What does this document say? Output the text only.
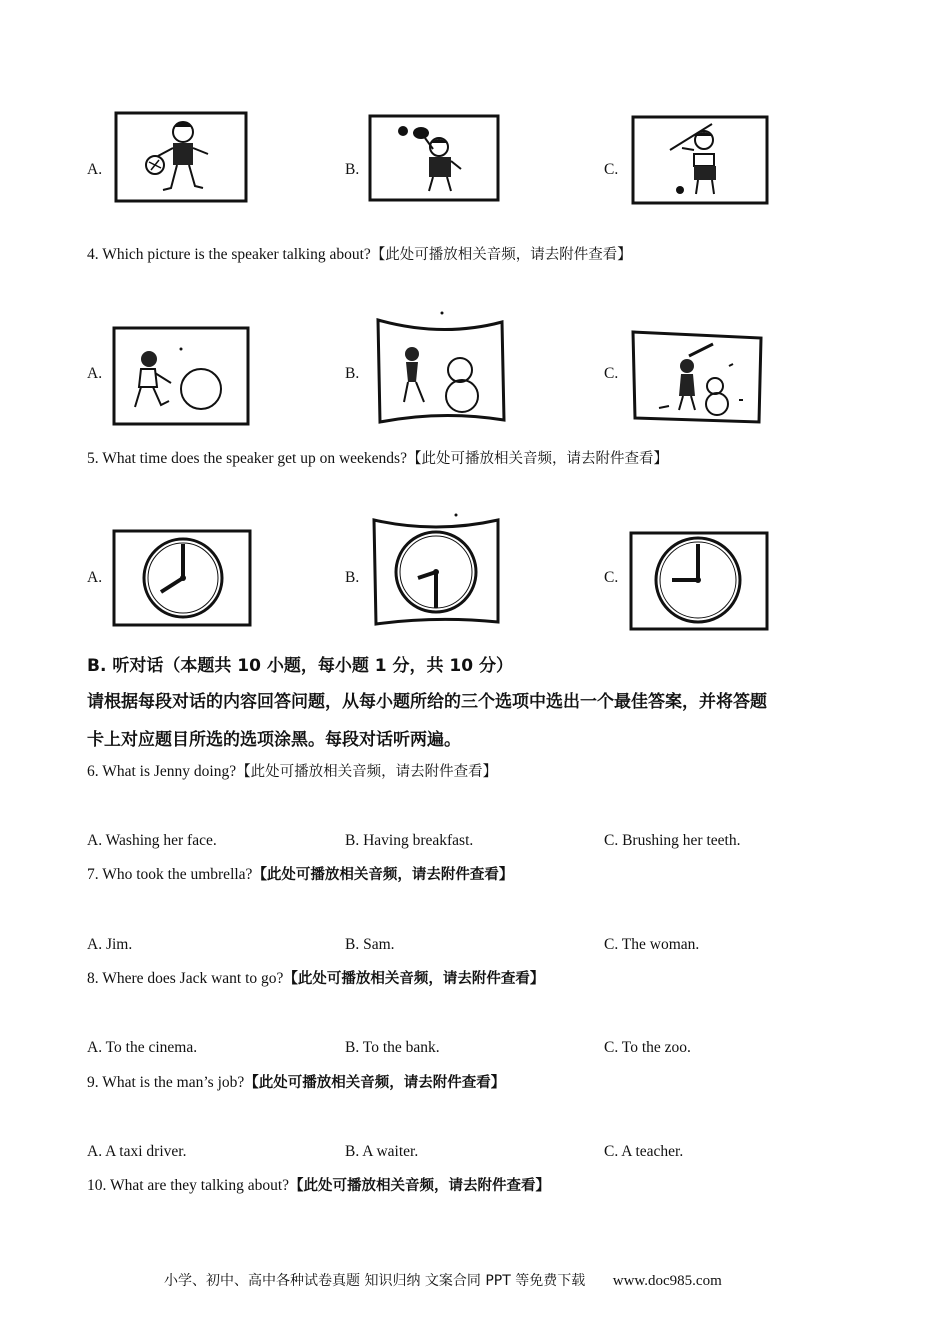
A.	B.	C.
4. Which picture is the speaker talking about?【此处可播放相关音频，请去附件查看】
A.	B.	C.
5. What time does the speaker get up on weekends?【此处可播放相关音频，请去附件查看】
A.	B.	C.
B. 听对话（本题共 10 小题，每小题 1 分，共 10 分）
请根据每段对话的内容回答问题，从每小题所给的三个选项中选出一个最佳答案，并将答题
卡上对应题目所选的选项涂黑。每段对话听两遍。
6. What is Jenny doing?【此处可播放相关音频，请去附件查看】
A. Washing her face.	B. Having breakfast.	C. Brushing her teeth.
7. Who took the umbrella?【此处可播放相关音频，请去附件查看】
A. Jim.	B. Sam.	C. The woman.
8. Where does Jack want to go?【此处可播放相关音频，请去附件查看】
A. To the cinema.	B. To the bank.	C. To the zoo.
9. What is the man’s job?【此处可播放相关音频，请去附件查看】
A. A taxi driver.	B. A waiter.	C. A teacher.
10. What are they talking about?【此处可播放相关音频，请去附件查看】
小学、初中、高中各种试卷真题 知识归纳 文案合同 PPT 等免费下载 www.doc985.com
